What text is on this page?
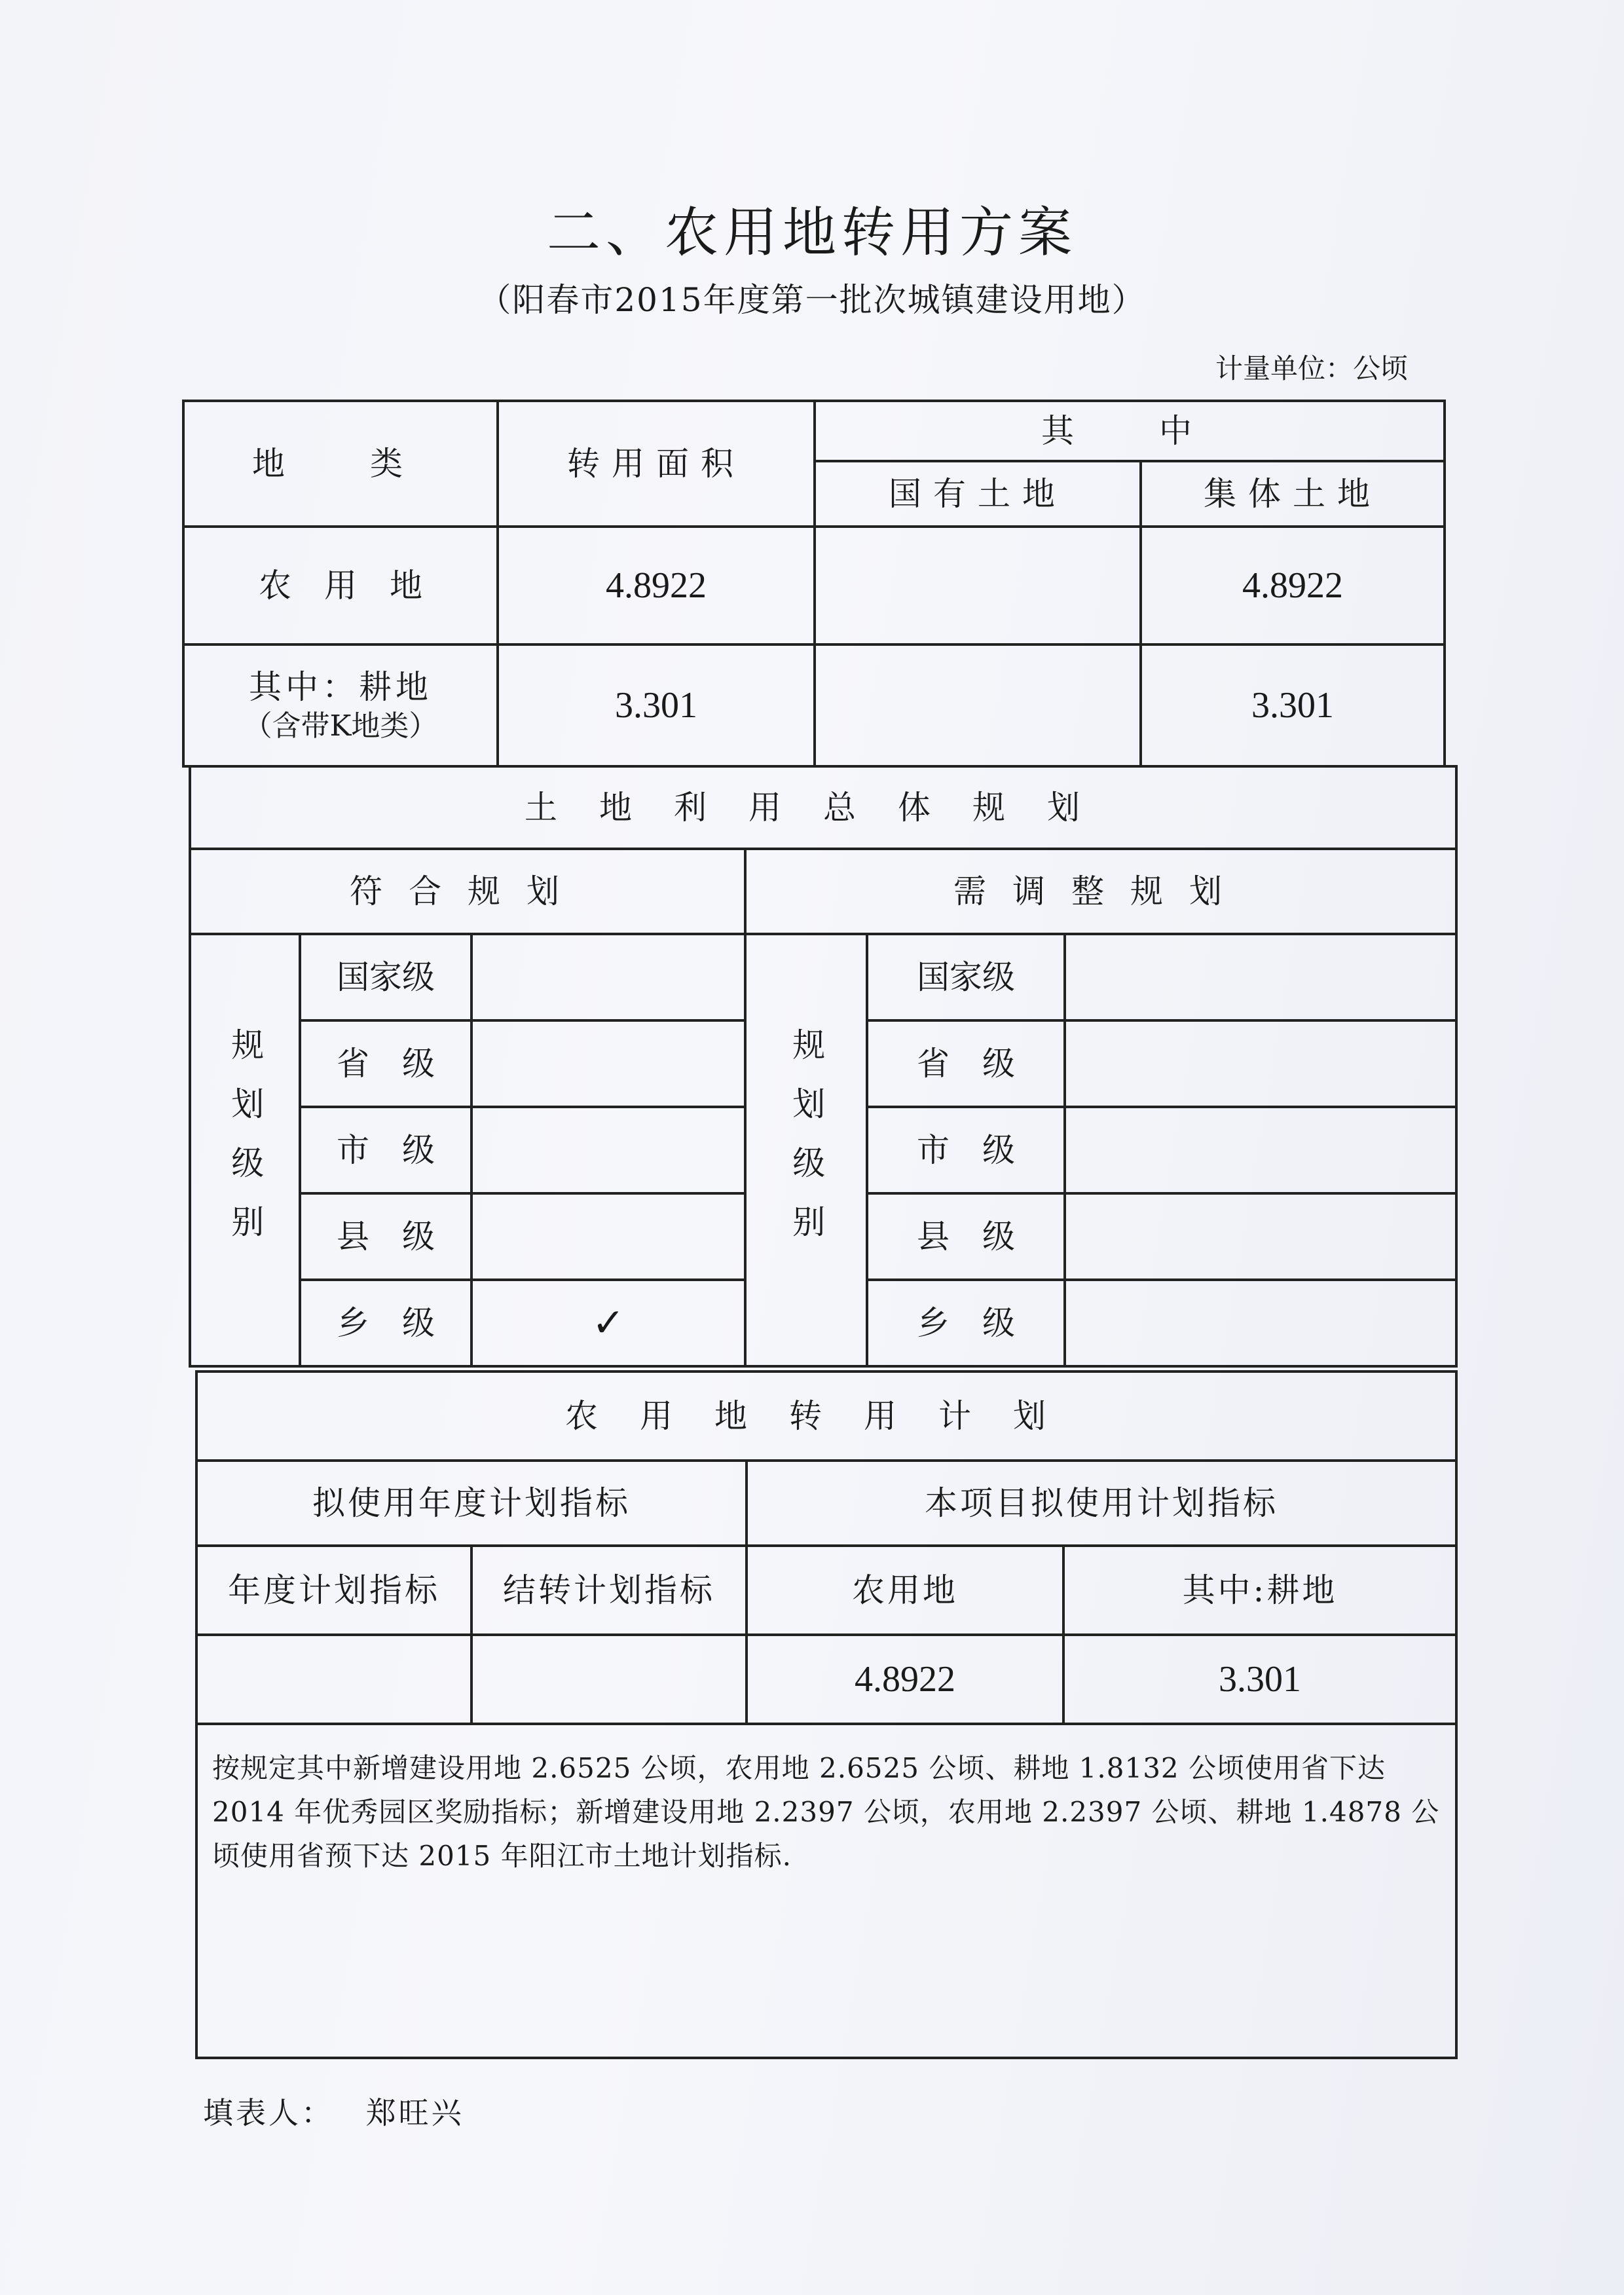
二、农用地转用方案
（阳春市2015年度第一批次城镇建设用地）
计量单位：公顷
地　类	转用面积	其　中	
		国有土地	集体土地
农　用　地	4.8922		4.8922

其中：耕地
（含带K地类）	3.301		3.301
土地利用总体规划					
符合规划			需调整规划		
规划级别	国家级		规划级别	国家级	
	省　级			省　级	
	市　级			市　级	
	县　级			县　级	
	乡　级	✓		乡　级	
农用地转用计划			
拟使用年度计划指标		本项目拟使用计划指标	
年度计划指标	结转计划指标	农用地	其中:耕地
		4.8922	3.301
按规定其中新增建设用地 2.6525 公顷，农用地 2.6525 公顷、耕地 1.8132 公顷使用省下达 2014 年优秀园区奖励指标；新增建设用地 2.2397 公顷，农用地 2.2397 公顷、耕地 1.4878 公顷使用省预下达 2015 年阳江市土地计划指标.			
填表人： 郑旺兴
